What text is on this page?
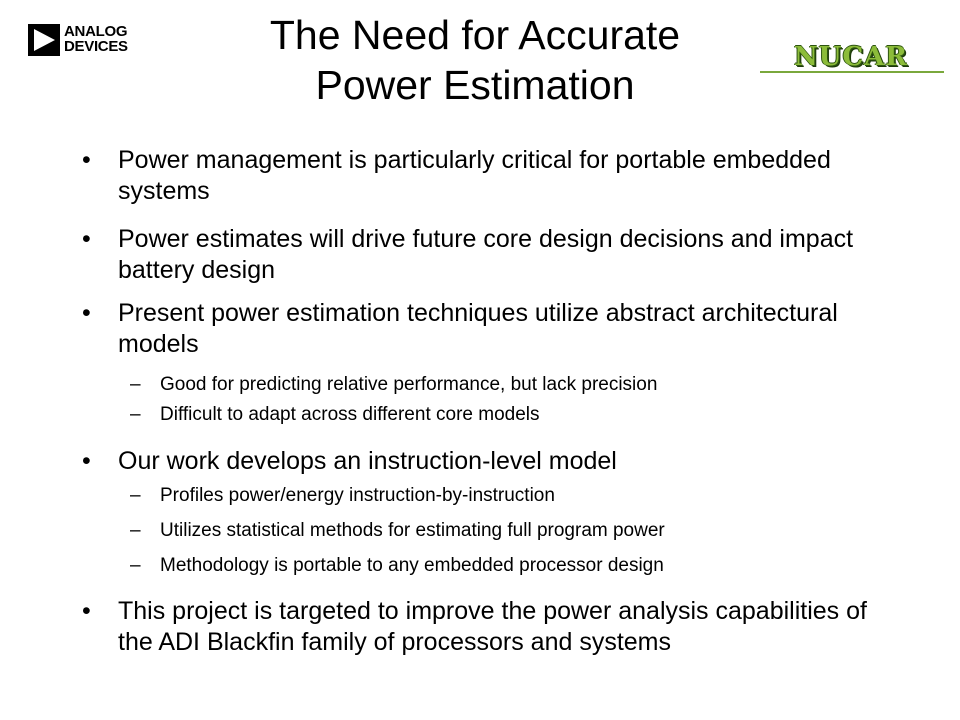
ANALOG
DEVICES	The Need for Accurate
Power Estimation
NUCAR
• Power management is particularly critical for portable embedded systems
• Power estimates will drive future core design decisions and impact battery design
• Present power estimation techniques utilize abstract architectural models
– Good for predicting relative performance, but lack precision
– Difficult to adapt across different core models
• Our work develops an instruction-level model
– Profiles power/energy instruction-by-instruction
– Utilizes statistical methods for estimating full program power
– Methodology is portable to any embedded processor design
• This project is targeted to improve the power analysis capabilities of the ADI Blackfin family of processors and systems
